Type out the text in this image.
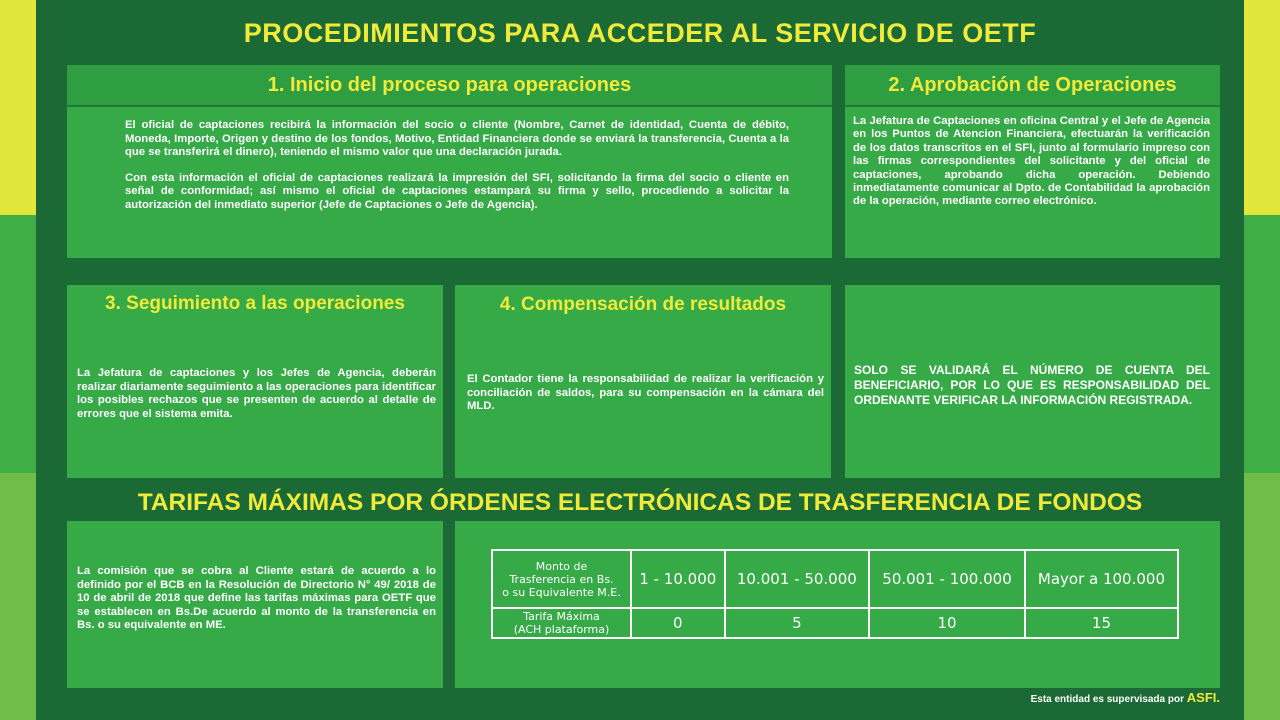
PROCEDIMIENTOS PARA ACCEDER AL SERVICIO DE OETF
1. Inicio del proceso para operaciones

El oficial de captaciones recibirá la información del socio o cliente (Nombre, Carnet de identidad, Cuenta de débito, Moneda, Importe, Origen y destino de los fondos, Motivo, Entidad Financiera donde se enviará la transferencia, Cuenta a la que se transferirá el dinero), teniendo el mismo valor que una declaración jurada.

Con esta información el oficial de captaciones realizará la impresión del SFI, solicitando la firma del socio o cliente en señal de conformidad; así mismo el oficial de captaciones estampará su firma y sello, procediendo a solicitar la autorización del inmediato superior (Jefe de Captaciones o Jefe de Agencia).

2. Aprobación de Operaciones
La Jefatura de Captaciones en oficina Central y el Jefe de Agencia en los Puntos de Atencion Financiera, efectuarán la verificación de los datos transcritos en el SFI, junto al formulario impreso con las firmas correspondientes del solicitante y del oficial de captaciones, aprobando dicha operación. Debiendo inmediatamente comunicar al Dpto. de Contabilidad la aprobación de la operación, mediante correo electrónico.
3. Seguimiento a las operaciones
La Jefatura de captaciones y los Jefes de Agencia, deberán realizar diariamente seguimiento a las operaciones para identificar los posibles rechazos que se presenten de acuerdo al detalle de errores que el sistema emita.
4. Compensación de resultados
El Contador tiene la responsabilidad de realizar la verificación y conciliación de saldos, para su compensación en la cámara del MLD.
SOLO SE VALIDARÁ EL NÚMERO DE CUENTA DEL BENEFICIARIO, POR LO QUE ES RESPONSABILIDAD DEL ORDENANTE VERIFICAR LA INFORMACIÓN REGISTRADA.
TARIFAS MÁXIMAS POR ÓRDENES ELECTRÓNICAS DE TRASFERENCIA DE FONDOS
La comisión que se cobra al Cliente estará de acuerdo a lo definido por el BCB en la Resolución de Directorio N° 49/ 2018 de 10 de abril de 2018 que define las tarifas máximas para OETF que se establecen en Bs.De acuerdo al monto de la transferencia en Bs. o su equivalente en ME.
Monto de
Trasferencia en Bs.
o su Equivalente M.E.	1 - 10.000	10.001 - 50.000	50.001 - 100.000	Mayor a 100.000
Tarifa Máxima
(ACH plataforma)	0	5	10	15
Esta entidad es supervisada por ASFI.
